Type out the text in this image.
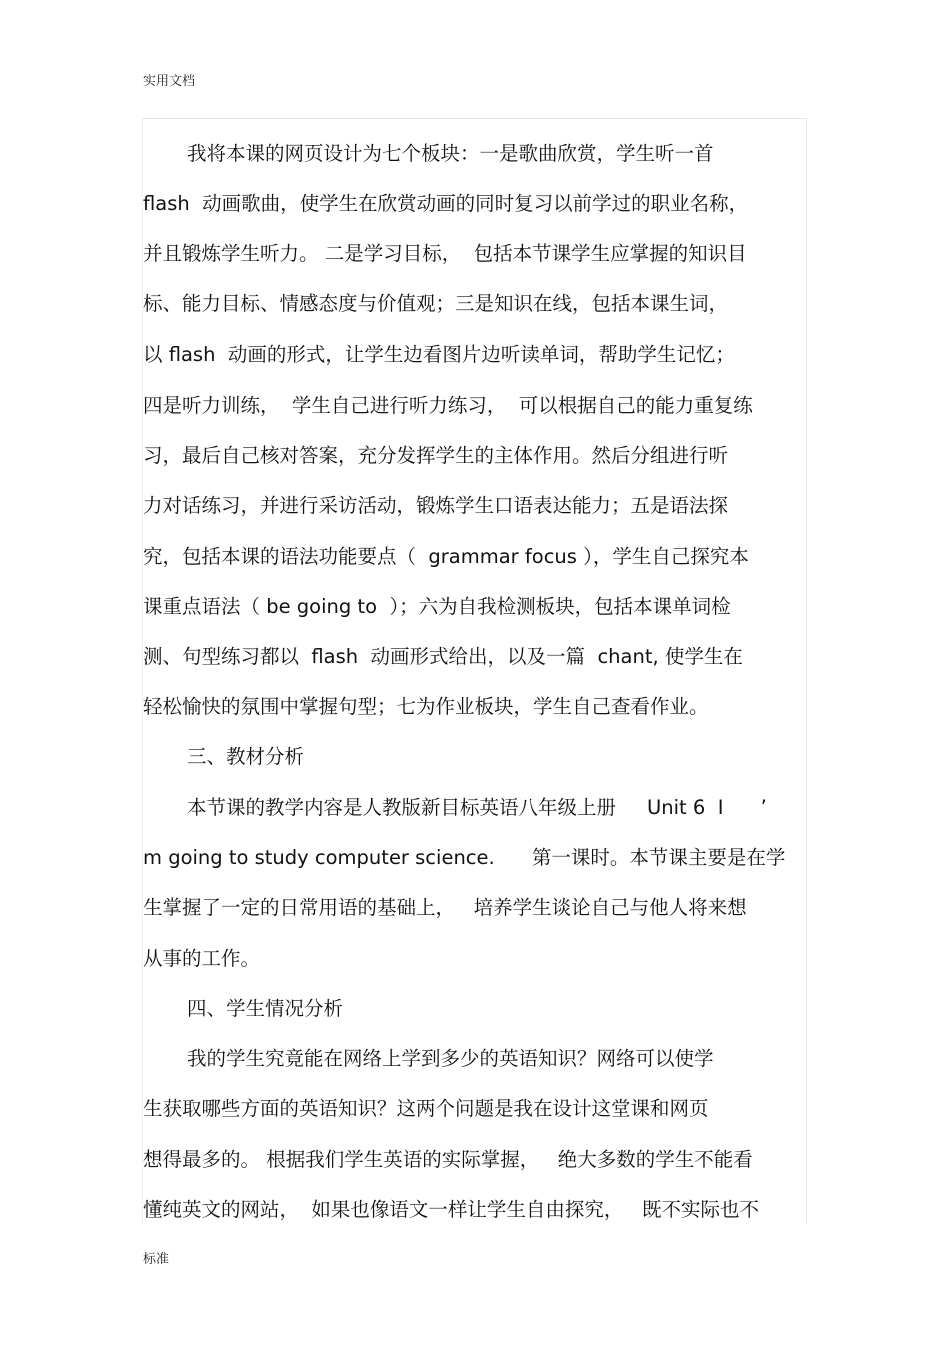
实用文档
我将本课的网页设计为七个板块：一是歌曲欣赏，学生听一首
flash  动画歌曲，使学生在欣赏动画的同时复习以前学过的职业名称，
并且锻炼学生听力。 二是学习目标，  包括本节课学生应掌握的知识目
标、能力目标、情感态度与价值观；三是知识在线，包括本课生词，
以 flash  动画的形式，让学生边看图片边听读单词，帮助学生记忆；
四是听力训练，  学生自己进行听力练习，  可以根据自己的能力重复练
习，最后自己核对答案，充分发挥学生的主体作用。然后分组进行听
力对话练习，并进行采访活动，锻炼学生口语表达能力；五是语法探
究，包括本课的语法功能要点（  grammar focus ），学生自己探究本
课重点语法（ be going to  ）；六为自我检测板块，包括本课单词检
测、句型练习都以  flash  动画形式给出，以及一篇  chant, 使学生在
轻松愉快的氛围中掌握句型；七为作业板块，学生自己查看作业。
三、教材分析
本节课的教学内容是人教版新目标英语八年级上册     Unit 6  I      ’
m going to study computer science.      第一课时。本节课主要是在学
生掌握了一定的日常用语的基础上，   培养学生谈论自己与他人将来想
从事的工作。
四、学生情况分析
我的学生究竟能在网络上学到多少的英语知识？网络可以使学
生获取哪些方面的英语知识？这两个问题是我在设计这堂课和网页
想得最多的。 根据我们学生英语的实际掌握，   绝大多数的学生不能看
懂纯英文的网站，  如果也像语文一样让学生自由探究，   既不实际也不
标准
